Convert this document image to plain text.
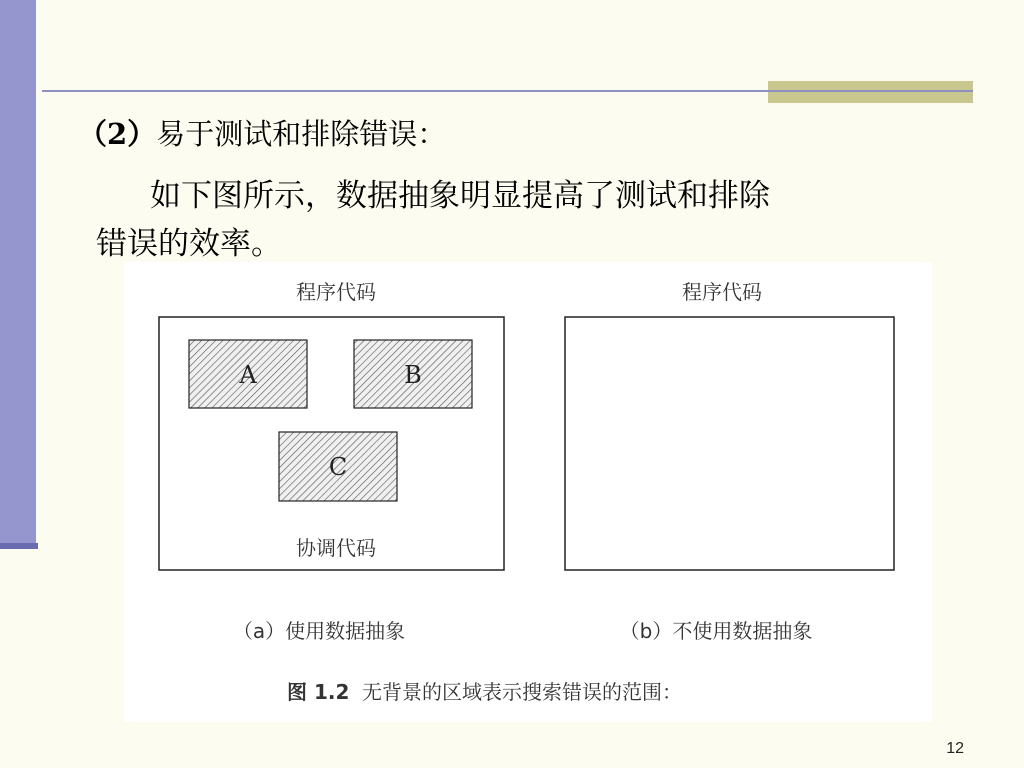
（2）易于测试和排除错误：
如下图所示，数据抽象明显提高了测试和排除
错误的效率。
程序代码
A	B
C
协调代码
程序代码
（a）使用数据抽象	（b）不使用数据抽象
图 1.2 无背景的区域表示搜索错误的范围：
12
